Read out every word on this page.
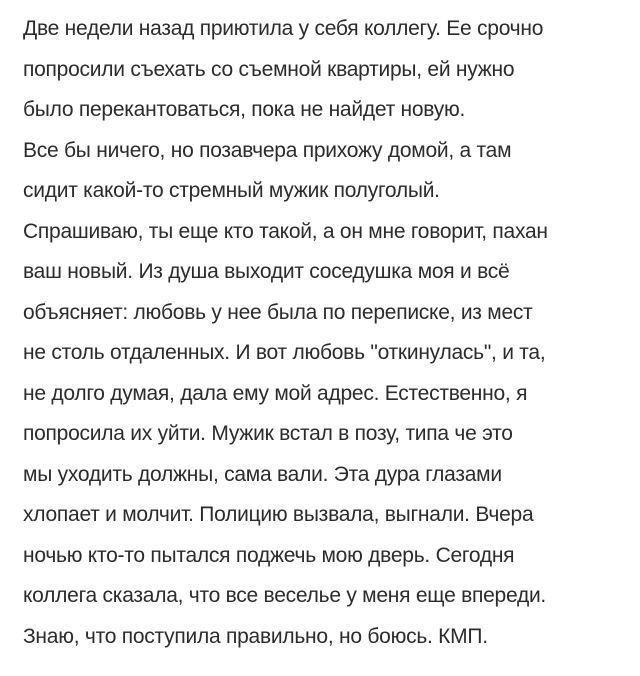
Две недели назад приютила у себя коллегу. Ее срочно
попросили съехать со съемной квартиры, ей нужно
было перекантоваться, пока не найдет новую.
Все бы ничего, но позавчера прихожу домой, а там
сидит какой-то стремный мужик полуголый.
Спрашиваю, ты еще кто такой, а он мне говорит, пахан
ваш новый. Из душа выходит соседушка моя и всё
объясняет: любовь у нее была по переписке, из мест
не столь отдаленных. И вот любовь "откинулась", и та,
не долго думая, дала ему мой адрес. Естественно, я
попросила их уйти. Мужик встал в позу, типа че это
мы уходить должны, сама вали. Эта дура глазами
хлопает и молчит. Полицию вызвала, выгнали. Вчера
ночью кто-то пытался поджечь мою дверь. Сегодня
коллега сказала, что все веселье у меня еще впереди.
Знаю, что поступила правильно, но боюсь. КМП.
